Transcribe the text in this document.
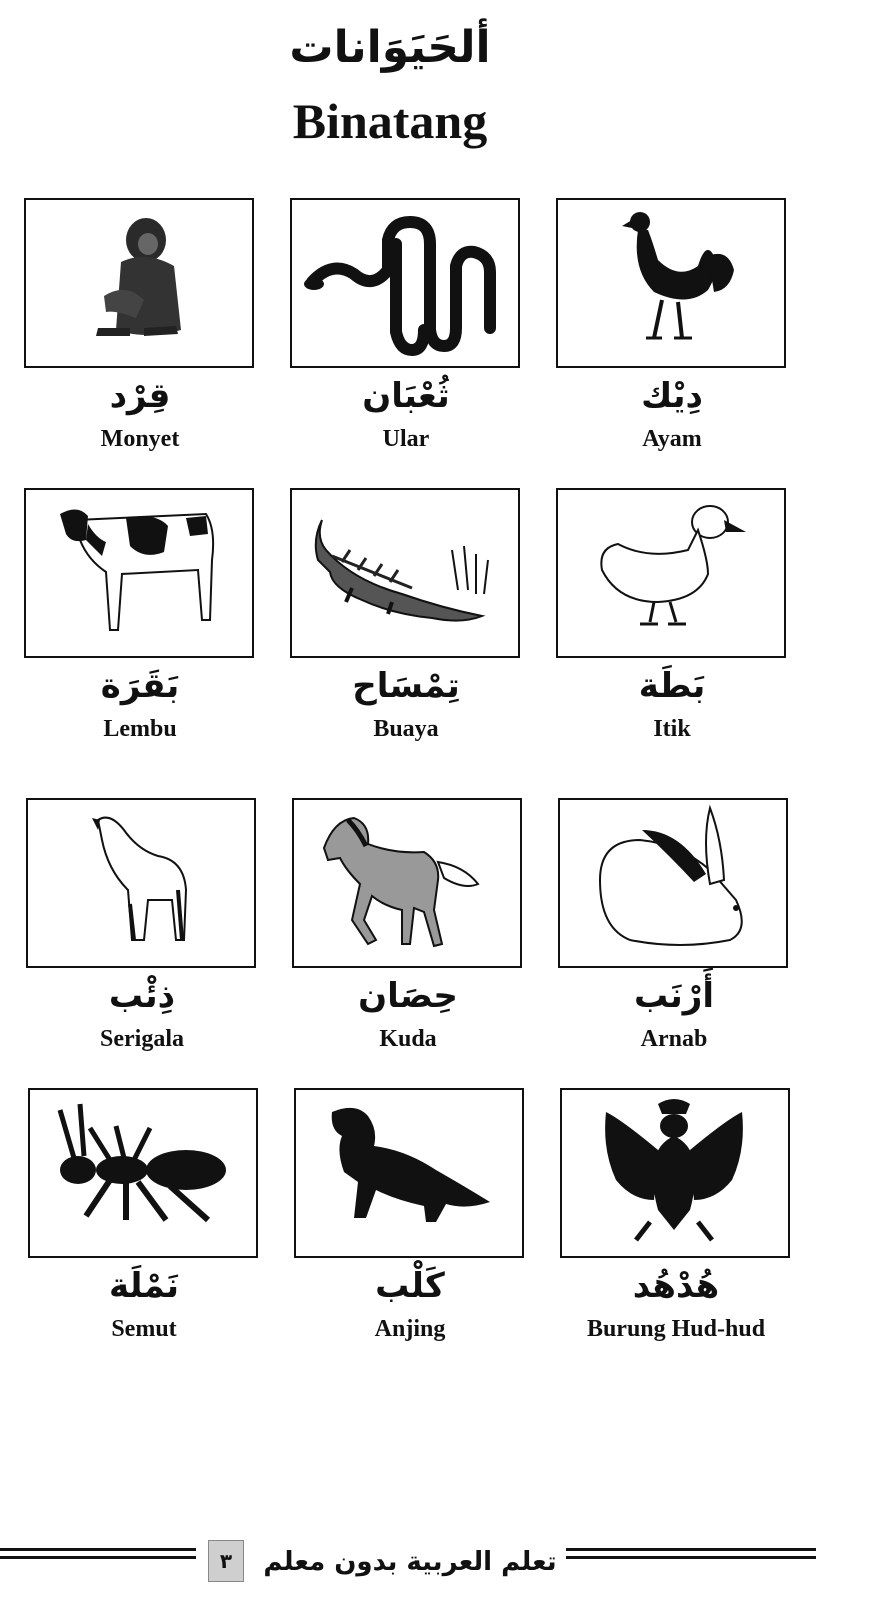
ألحَيَوَانات
Binatang
قِرْد
Monyet
ثُعْبَان
Ular
دِيْك
Ayam
بَقَرَة
Lembu
تِمْسَاح
Buaya
بَطَة
Itik
ذِئْب
Serigala
حِصَان
Kuda
أَرْنَب
Arnab
نَمْلَة
Semut
كَلْب
Anjing
هُدْهُد
Burung Hud-hud
٣	تعلم العربية بدون معلم
